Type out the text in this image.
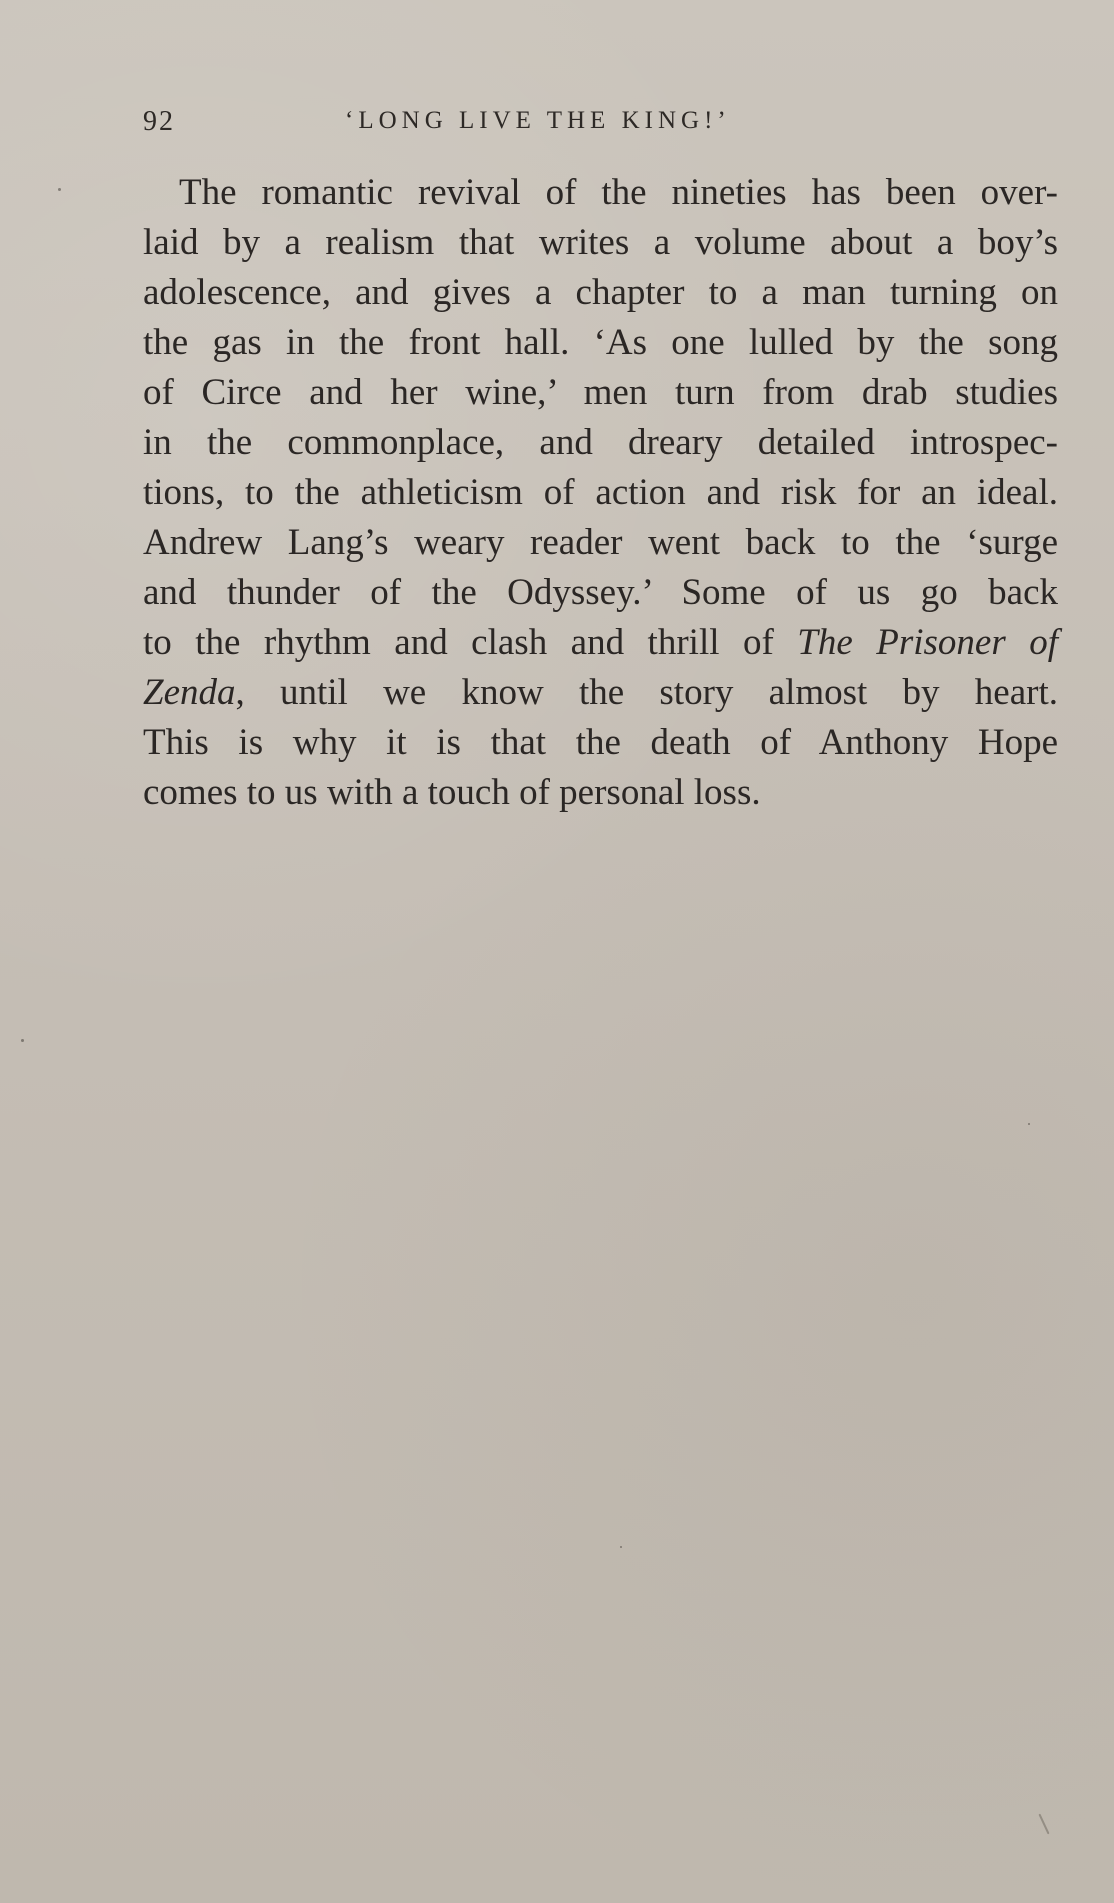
92	‘LONG LIVE THE KING!’
The romantic revival of the nineties has been over-
laid by a realism that writes a volume about a boy’s
adolescence, and gives a chapter to a man turning on
the gas in the front hall. ‘As one lulled by the song
of Circe and her wine,’ men turn from drab studies
in the commonplace, and dreary detailed introspec-
tions, to the athleticism of action and risk for an ideal.
Andrew Lang’s weary reader went back to the ‘surge
and thunder of the Odyssey.’ Some of us go back
to the rhythm and clash and thrill of The Prisoner of
Zenda, until we know the story almost by heart.
This is why it is that the death of Anthony Hope
comes to us with a touch of personal loss.
